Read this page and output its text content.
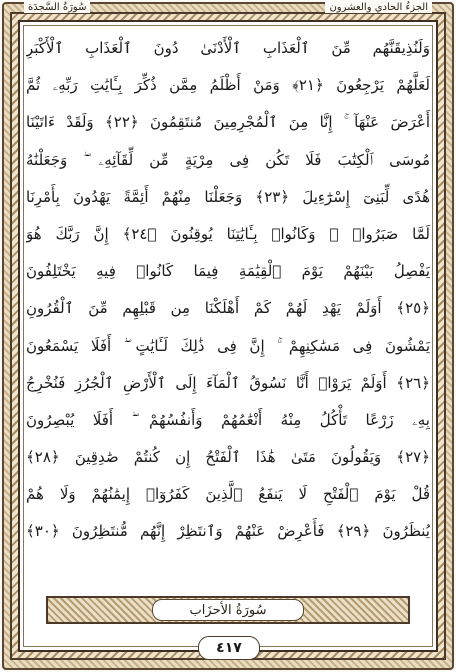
الجزءُ الحادي والعشرون
سُورَةُ السَّجدَة
وَلَنُذِيقَنَّهُم مِّنَ ٱلْعَذَابِ ٱلْأَدْنَىٰ دُونَ ٱلْعَذَابِ ٱلْأَكْبَرِ
لَعَلَّهُمْ يَرْجِعُونَ ﴿٢١﴾ وَمَنْ أَظْلَمُ مِمَّن ذُكِّرَ بِـَٔايَٰتِ رَبِّهِۦ ثُمَّ
أَعْرَضَ عَنْهَآ ۚ إِنَّا مِنَ ٱلْمُجْرِمِينَ مُنتَقِمُونَ ﴿٢٢﴾ وَلَقَدْ ءَاتَيْنَا
مُوسَى ٱلْكِتَٰبَ فَلَا تَكُن فِى مِرْيَةٍ مِّن لِّقَآئِهِۦ ۖ وَجَعَلْنَٰهُ
هُدًى لِّبَنِىٓ إِسْرَٰٓءِيلَ ﴿٢٣﴾ وَجَعَلْنَا مِنْهُمْ أَئِمَّةً يَهْدُونَ بِأَمْرِنَا
لَمَّا صَبَرُوا۟ ۖ وَكَانُوا۟ بِـَٔايَٰتِنَا يُوقِنُونَ ﴿٢٤﴾ إِنَّ رَبَّكَ هُوَ
يَفْصِلُ بَيْنَهُمْ يَوْمَ ٱلْقِيَٰمَةِ فِيمَا كَانُوا۟ فِيهِ يَخْتَلِفُونَ
﴿٢٥﴾ أَوَلَمْ يَهْدِ لَهُمْ كَمْ أَهْلَكْنَا مِن قَبْلِهِم مِّنَ ٱلْقُرُونِ
يَمْشُونَ فِى مَسَٰكِنِهِمْ ۚ إِنَّ فِى ذَٰلِكَ لَـَٔايَٰتٍ ۖ أَفَلَا يَسْمَعُونَ
﴿٢٦﴾ أَوَلَمْ يَرَوْا۟ أَنَّا نَسُوقُ ٱلْمَآءَ إِلَى ٱلْأَرْضِ ٱلْجُرُزِ فَنُخْرِجُ
بِهِۦ زَرْعًا تَأْكُلُ مِنْهُ أَنْعَٰمُهُمْ وَأَنفُسُهُمْ ۖ أَفَلَا يُبْصِرُونَ
﴿٢٧﴾ وَيَقُولُونَ مَتَىٰ هَٰذَا ٱلْفَتْحُ إِن كُنتُمْ صَٰدِقِينَ ﴿٢٨﴾
قُلْ يَوْمَ ٱلْفَتْحِ لَا يَنفَعُ ٱلَّذِينَ كَفَرُوٓا۟ إِيمَٰنُهُمْ وَلَا هُمْ
يُنظَرُونَ ﴿٢٩﴾ فَأَعْرِضْ عَنْهُمْ وَٱنتَظِرْ إِنَّهُم مُّنتَظِرُونَ ﴿٣٠﴾
سُورَةُ الأحزَاب
٤١٧
